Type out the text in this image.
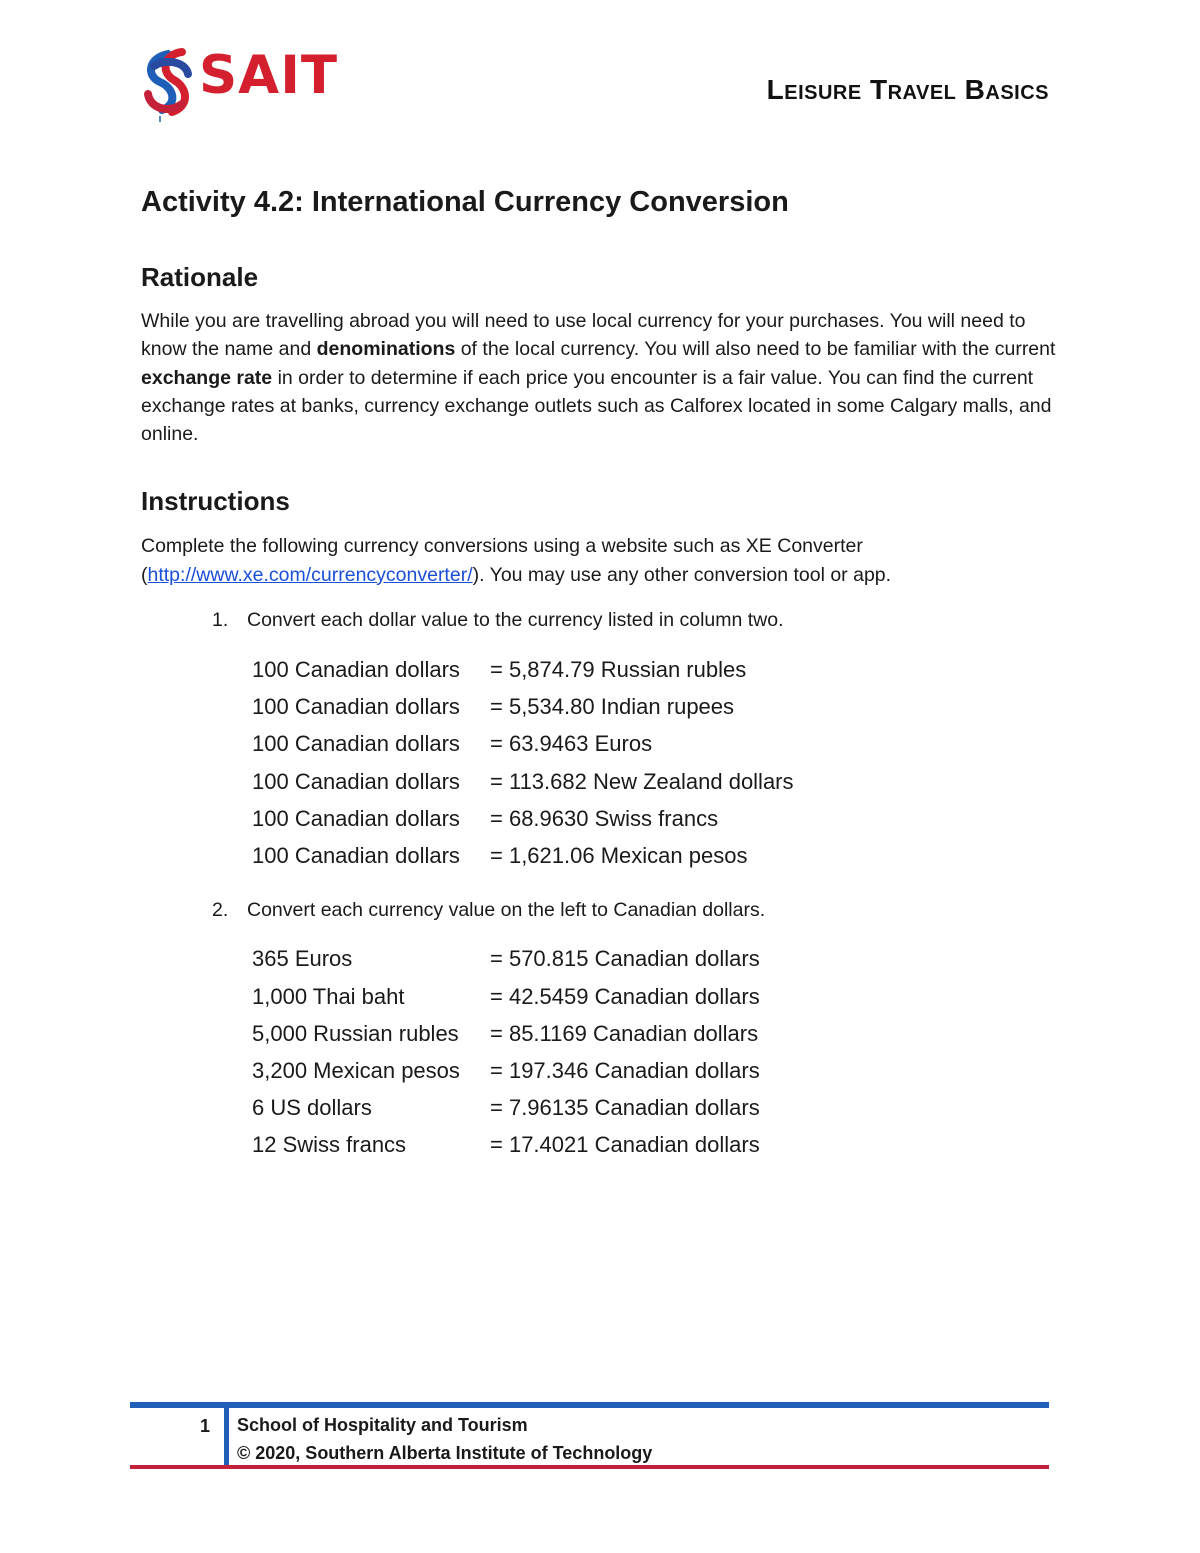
SAIT	Leisure Travel Basics
Activity 4.2: International Currency Conversion
Rationale

While you are travelling abroad you will need to use local currency for your purchases. You will need to know the name and denominations of the local currency. You will also need to be familiar with the current exchange rate in order to determine if each price you encounter is a fair value. You can find the current exchange rates at banks, currency exchange outlets such as Calforex located in some Calgary malls, and online.

Instructions

Complete the following currency conversions using a website such as XE Converter (http://www.xe.com/currencyconverter/). You may use any other conversion tool or app.

1. Convert each dollar value to the currency listed in column two.
100 Canadian dollars	= 5,874.79 Russian rubles
100 Canadian dollars	= 5,534.80 Indian rupees
100 Canadian dollars	= 63.9463 Euros
100 Canadian dollars	= 113.682 New Zealand dollars
100 Canadian dollars	= 68.9630 Swiss francs
100 Canadian dollars	= 1,621.06 Mexican pesos
2. Convert each currency value on the left to Canadian dollars.
365 Euros	= 570.815 Canadian dollars
1,000 Thai baht	= 42.5459 Canadian dollars
5,000 Russian rubles	= 85.1169 Canadian dollars
3,200 Mexican pesos	= 197.346 Canadian dollars
6 US dollars	= 7.96135 Canadian dollars
12 Swiss francs	= 17.4021 Canadian dollars
1 School of Hospitality and Tourism
© 2020, Southern Alberta Institute of Technology
